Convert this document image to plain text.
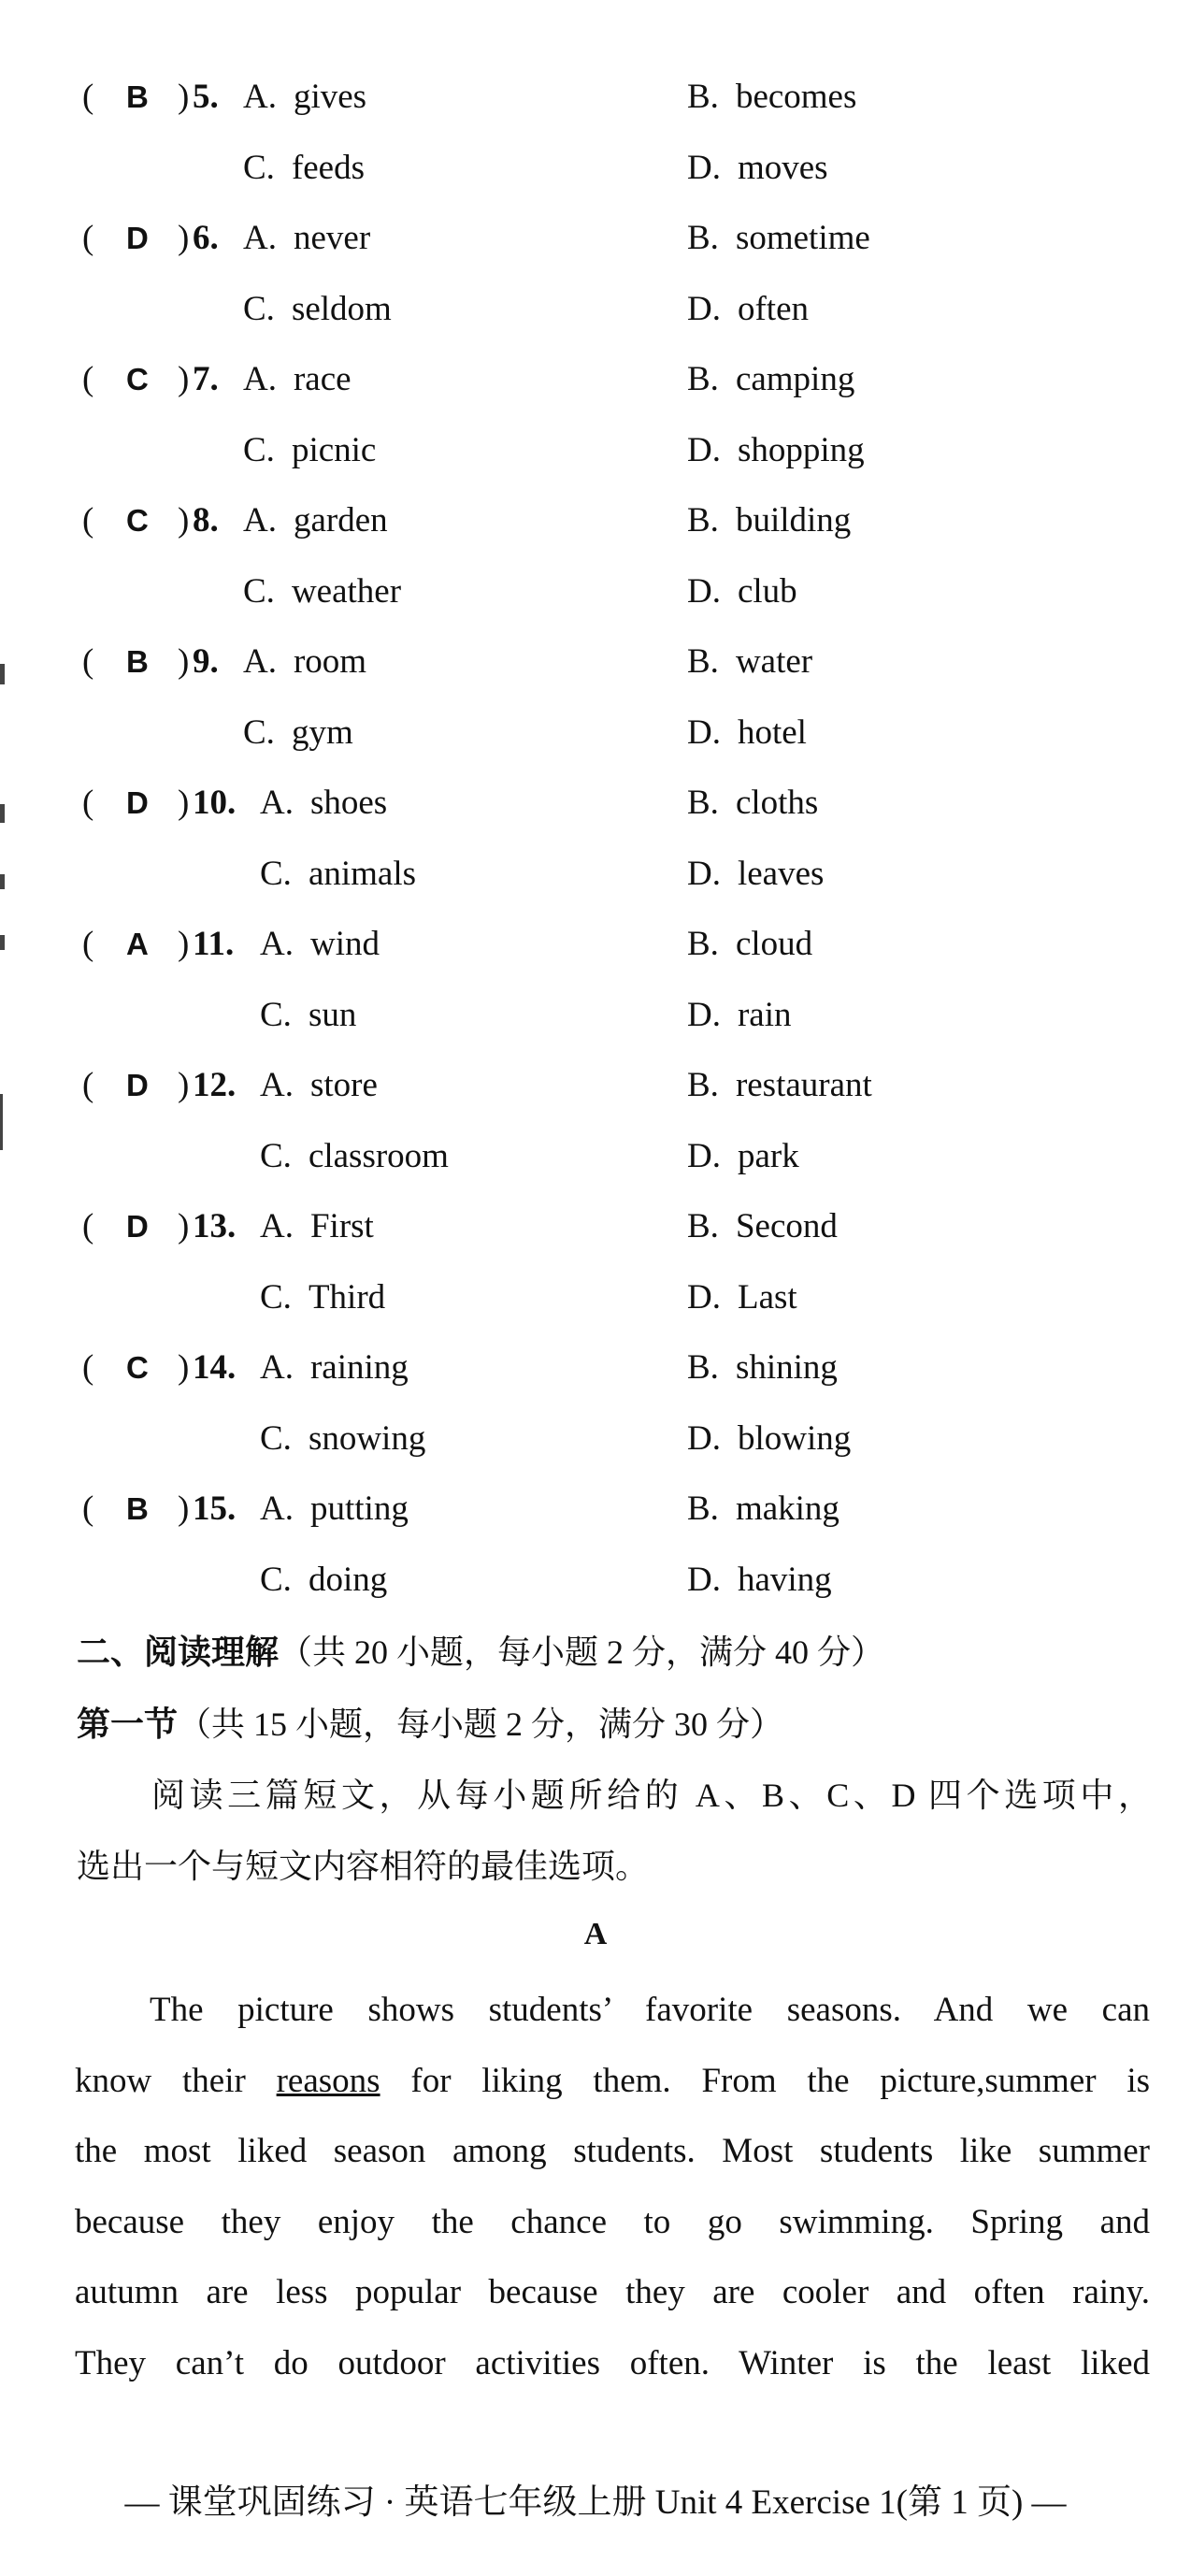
( B ) 5. A. gives	B. becomes
C. feeds	D. moves
( D ) 6. A. never	B. sometime
C. seldom	D. often
( C ) 7. A. race	B. camping
C. picnic	D. shopping
( C ) 8. A. garden	B. building
C. weather	D. club
( B ) 9. A. room	B. water
C. gym	D. hotel
( D ) 10. A. shoes	B. cloths
C. animals	D. leaves
( A ) 11. A. wind	B. cloud
C. sun	D. rain
( D ) 12. A. store	B. restaurant
C. classroom	D. park
( D ) 13. A. First	B. Second
C. Third	D. Last
( C ) 14. A. raining	B. shining
C. snowing	D. blowing
( B ) 15. A. putting	B. making
C. doing	D. having
二、阅读理解（共 20 小题，每小题 2 分，满分 40 分）
第一节（共 15 小题，每小题 2 分，满分 30 分）

阅读三篇短文，从每小题所给的 A、B、C、D 四个选项中，

选出一个与短文内容相符的最佳选项。

A
The picture shows students’ favorite seasons. And we can
know their reasons for liking them. From the picture,summer is
the most liked season among students. Most students like summer
because they enjoy the chance to go swimming. Spring and
autumn are less popular because they are cooler and often rainy.
They can’t do outdoor activities often. Winter is the least liked
— 课堂巩固练习 · 英语七年级上册 Unit 4 Exercise 1(第 1 页) —
